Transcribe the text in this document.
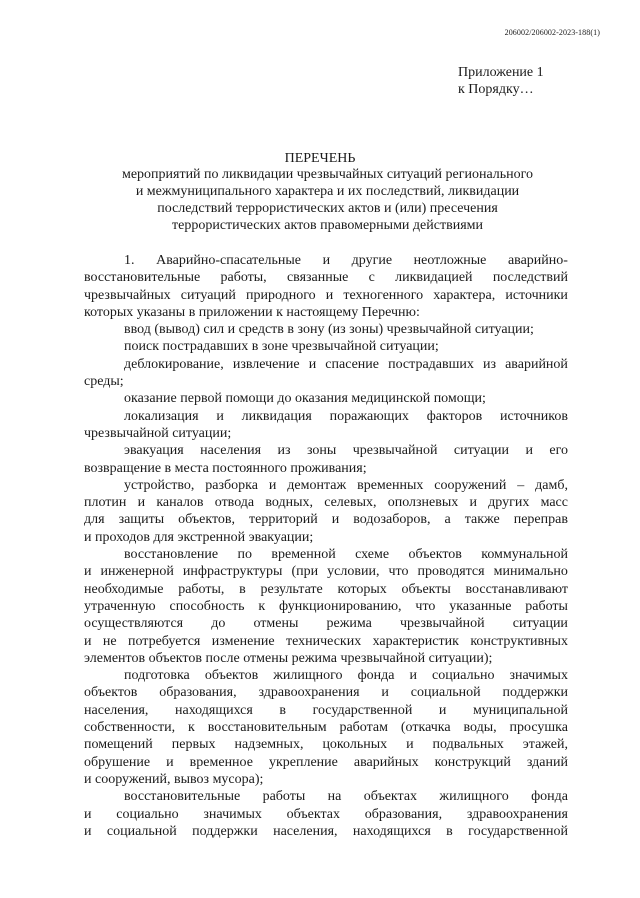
206002/206002-2023-188(1)
Приложение 1
к Порядку…
ПЕРЕЧЕНЬ
мероприятий по ликвидации чрезвычайных ситуаций регионального
и межмуниципального характера и их последствий, ликвидации
последствий террористических актов и (или) пресечения
террористических актов правомерными действиями
1. Аварийно-спасательные и другие неотложные аварийно-
восстановительные работы, связанные с ликвидацией последствий
чрезвычайных ситуаций природного и техногенного характера, источники
которых указаны в приложении к настоящему Перечню:
ввод (вывод) сил и средств в зону (из зоны) чрезвычайной ситуации;
поиск пострадавших в зоне чрезвычайной ситуации;
деблокирование, извлечение и спасение пострадавших из аварийной
среды;
оказание первой помощи до оказания медицинской помощи;
локализация и ликвидация поражающих факторов источников
чрезвычайной ситуации;
эвакуация населения из зоны чрезвычайной ситуации и его
возвращение в места постоянного проживания;
устройство, разборка и демонтаж временных сооружений – дамб,
плотин и каналов отвода водных, селевых, оползневых и других масс
для защиты объектов, территорий и водозаборов, а также переправ
и проходов для экстренной эвакуации;
восстановление по временной схеме объектов коммунальной
и инженерной инфраструктуры (при условии, что проводятся минимально
необходимые работы, в результате которых объекты восстанавливают
утраченную способность к функционированию, что указанные работы
осуществляются до отмены режима чрезвычайной ситуации
и не потребуется изменение технических характеристик конструктивных
элементов объектов после отмены режима чрезвычайной ситуации);
подготовка объектов жилищного фонда и социально значимых
объектов образования, здравоохранения и социальной поддержки
населения, находящихся в государственной и муниципальной
собственности, к восстановительным работам (откачка воды, просушка
помещений первых надземных, цокольных и подвальных этажей,
обрушение и временное укрепление аварийных конструкций зданий
и сооружений, вывоз мусора);
восстановительные работы на объектах жилищного фонда
и социально значимых объектах образования, здравоохранения
и социальной поддержки населения, находящихся в государственной
